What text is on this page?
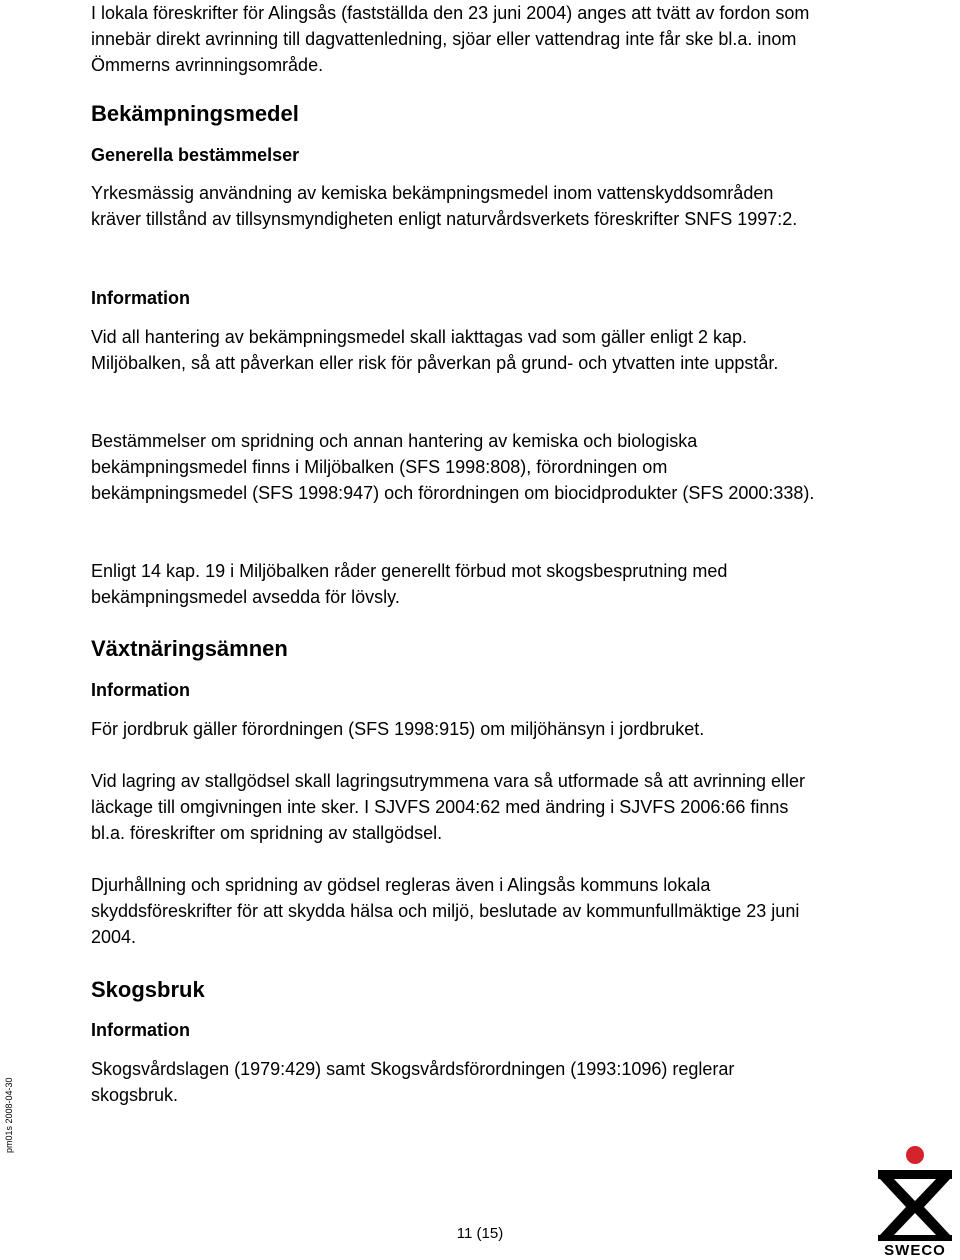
I lokala föreskrifter för Alingsås (fastställda den 23 juni 2004) anges att tvätt av fordon som innebär direkt avrinning till dagvattenledning, sjöar eller vattendrag inte får ske bl.a. inom Ömmerns avrinningsområde.

Bekämpningsmedel
Generella bestämmelser

Yrkesmässig användning av kemiska bekämpningsmedel inom vattenskyddsområden kräver tillstånd av tillsynsmyndigheten enligt naturvårdsverkets föreskrifter SNFS 1997:2.

Information

Vid all hantering av bekämpningsmedel skall iakttagas vad som gäller enligt 2 kap. Miljöbalken, så att påverkan eller risk för påverkan på grund- och ytvatten inte uppstår.

Bestämmelser om spridning och annan hantering av kemiska och biologiska bekämpningsmedel finns i Miljöbalken (SFS 1998:808), förordningen om bekämpningsmedel (SFS 1998:947) och förordningen om biocidprodukter (SFS 2000:338).

Enligt 14 kap. 19 i Miljöbalken råder generellt förbud mot skogsbesprutning med bekämpningsmedel avsedda för lövsly.

Växtnäringsämnen
Information

För jordbruk gäller förordningen (SFS 1998:915) om miljöhänsyn i jordbruket.

Vid lagring av stallgödsel skall lagringsutrymmena vara så utformade så att avrinning eller läckage till omgivningen inte sker. I SJVFS 2004:62 med ändring i SJVFS 2006:66 finns bl.a. föreskrifter om spridning av stallgödsel.

Djurhållning och spridning av gödsel regleras även i Alingsås kommuns lokala skyddsföreskrifter för att skydda hälsa och miljö, beslutade av kommunfullmäktige 23 juni 2004.

Skogsbruk
Information

Skogsvårdslagen (1979:429) samt Skogsvårdsförordningen (1993:1096) reglerar skogsbruk.

pm01s 2008-04-30
11 (15)
SWECO
